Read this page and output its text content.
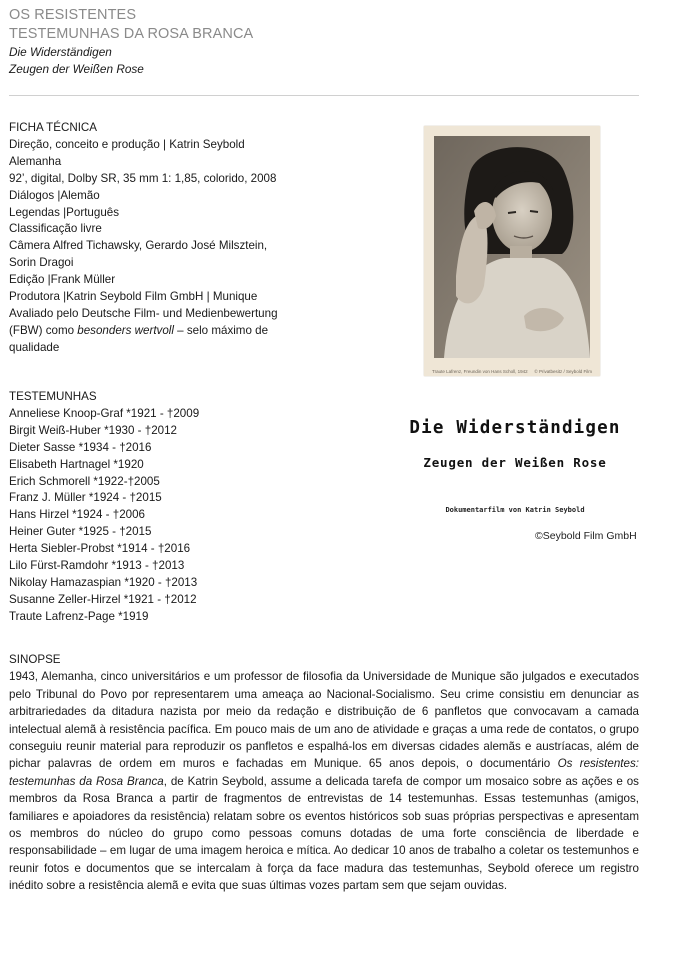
OS RESISTENTES
TESTEMUNHAS DA ROSA BRANCA
Die Widerständigen
Zeugen der Weißen Rose
FICHA TÉCNICA
Direção, conceito e produção | Katrin Seybold
Alemanha
92’, digital, Dolby SR, 35 mm 1: 1,85, colorido, 2008
Diálogos |Alemão
Legendas |Português
Classificação livre
Câmera Alfred Tichawsky, Gerardo José Milsztein,
Sorin Dragoi
Edição |Frank Müller
Produtora |Katrin Seybold Film GmbH | Munique
Avaliado pelo Deutsche Film- und Medienbewertung
(FBW) como besonders wertvoll – selo máximo de
qualidade
Traute Lafrenz, Freundin von Hans Scholl, 1942 © Privatbesitz / Seybold Film
TESTEMUNHAS
Anneliese Knoop-Graf *1921 - †2009
Birgit Weiß-Huber *1930 - †2012
Dieter Sasse *1934 - †2016
Elisabeth Hartnagel *1920
Erich Schmorell *1922-†2005
Franz J. Müller *1924 - †2015
Hans Hirzel *1924 - †2006
Heiner Guter *1925 - †2015
Herta Siebler-Probst *1914 - †2016
Lilo Fürst-Ramdohr *1913 - †2013
Nikolay Hamazaspian *1920 - †2013
Susanne Zeller-Hirzel *1921 - †2012
Traute Lafrenz-Page *1919
Die Widerständigen
Zeugen der Weißen Rose
Dokumentarfilm von Katrin Seybold
©Seybold Film GmbH
SINOPSE

1943, Alemanha, cinco universitários e um professor de filosofia da Universidade de Munique são julgados e executados pelo Tribunal do Povo por representarem uma ameaça ao Nacional-Socialismo. Seu crime consistiu em denunciar as arbitrariedades da ditadura nazista por meio da redação e distribuição de 6 panfletos que convocavam a camada intelectual alemã à resistência pacífica. Em pouco mais de um ano de atividade e graças a uma rede de contatos, o grupo conseguiu reunir material para reproduzir os panfletos e espalhá-los em diversas cidades alemãs e austríacas, além de pichar palavras de ordem em muros e fachadas em Munique. 65 anos depois, o documentário Os resistentes: testemunhas da Rosa Branca, de Katrin Seybold, assume a delicada tarefa de compor um mosaico sobre as ações e os membros da Rosa Branca a partir de fragmentos de entrevistas de 14 testemunhas. Essas testemunhas (amigos, familiares e apoiadores da resistência) relatam sobre os eventos históricos sob suas próprias perspectivas e apresentam os membros do núcleo do grupo como pessoas comuns dotadas de uma forte consciência de liberdade e responsabilidade – em lugar de uma imagem heroica e mítica. Ao dedicar 10 anos de trabalho a coletar os testemunhos e reunir fotos e documentos que se intercalam à força da face madura das testemunhas, Seybold oferece um registro inédito sobre a resistência alemã e evita que suas últimas vozes partam sem que sejam ouvidas.
